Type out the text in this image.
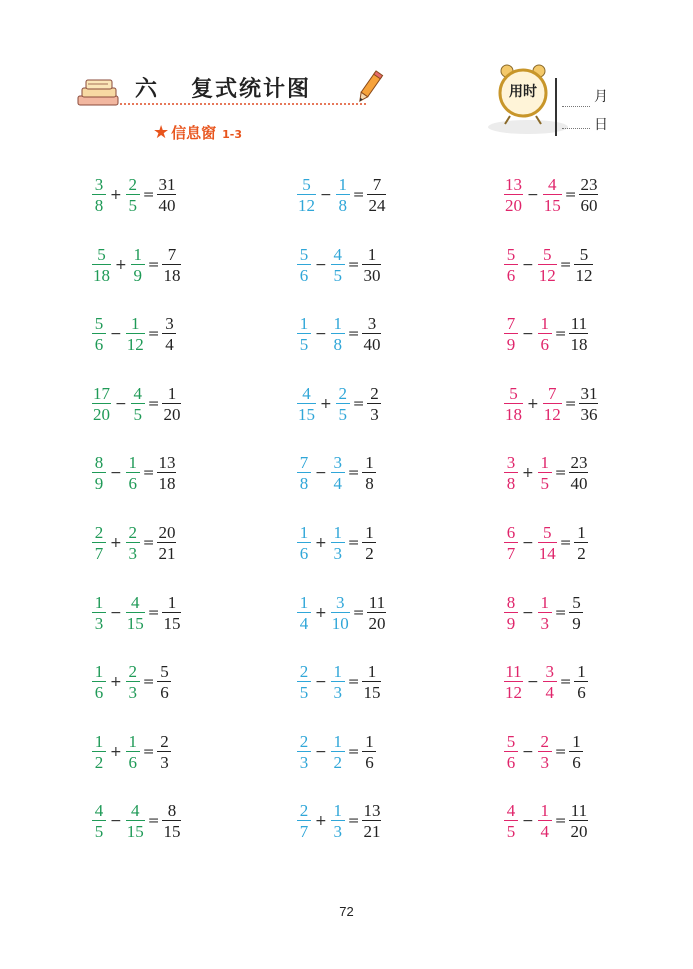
六 复式统计图
★ 信息窗 1-3
用时	月
日
$\frac{3}{8} + \frac{2}{5} = \frac{31}{40}$	$\frac{5}{12} - \frac{1}{8} = \frac{7}{24}$	$\frac{13}{20} - \frac{4}{15} = \frac{23}{60}$
$\frac{5}{18} + \frac{1}{9} = \frac{7}{18}$	$\frac{5}{6} - \frac{4}{5} = \frac{1}{30}$	$\frac{5}{6} - \frac{5}{12} = \frac{5}{12}$
$\frac{5}{6} - \frac{1}{12} = \frac{3}{4}$	$\frac{1}{5} - \frac{1}{8} = \frac{3}{40}$	$\frac{7}{9} - \frac{1}{6} = \frac{11}{18}$
$\frac{17}{20} - \frac{4}{5} = \frac{1}{20}$	$\frac{4}{15} + \frac{2}{5} = \frac{2}{3}$	$\frac{5}{18} + \frac{7}{12} = \frac{31}{36}$
$\frac{8}{9} - \frac{1}{6} = \frac{13}{18}$	$\frac{7}{8} - \frac{3}{4} = \frac{1}{8}$	$\frac{3}{8} + \frac{1}{5} = \frac{23}{40}$
$\frac{2}{7} + \frac{2}{3} = \frac{20}{21}$	$\frac{1}{6} + \frac{1}{3} = \frac{1}{2}$	$\frac{6}{7} - \frac{5}{14} = \frac{1}{2}$
$\frac{1}{3} - \frac{4}{15} = \frac{1}{15}$	$\frac{1}{4} + \frac{3}{10} = \frac{11}{20}$	$\frac{8}{9} - \frac{1}{3} = \frac{5}{9}$
$\frac{1}{6} + \frac{2}{3} = \frac{5}{6}$	$\frac{2}{5} - \frac{1}{3} = \frac{1}{15}$	$\frac{11}{12} - \frac{3}{4} = \frac{1}{6}$
$\frac{1}{2} + \frac{1}{6} = \frac{2}{3}$	$\frac{2}{3} - \frac{1}{2} = \frac{1}{6}$	$\frac{5}{6} - \frac{2}{3} = \frac{1}{6}$
$\frac{4}{5} - \frac{4}{15} = \frac{8}{15}$	$\frac{2}{7} + \frac{1}{3} = \frac{13}{21}$	$\frac{4}{5} - \frac{1}{4} = \frac{11}{20}$
72
